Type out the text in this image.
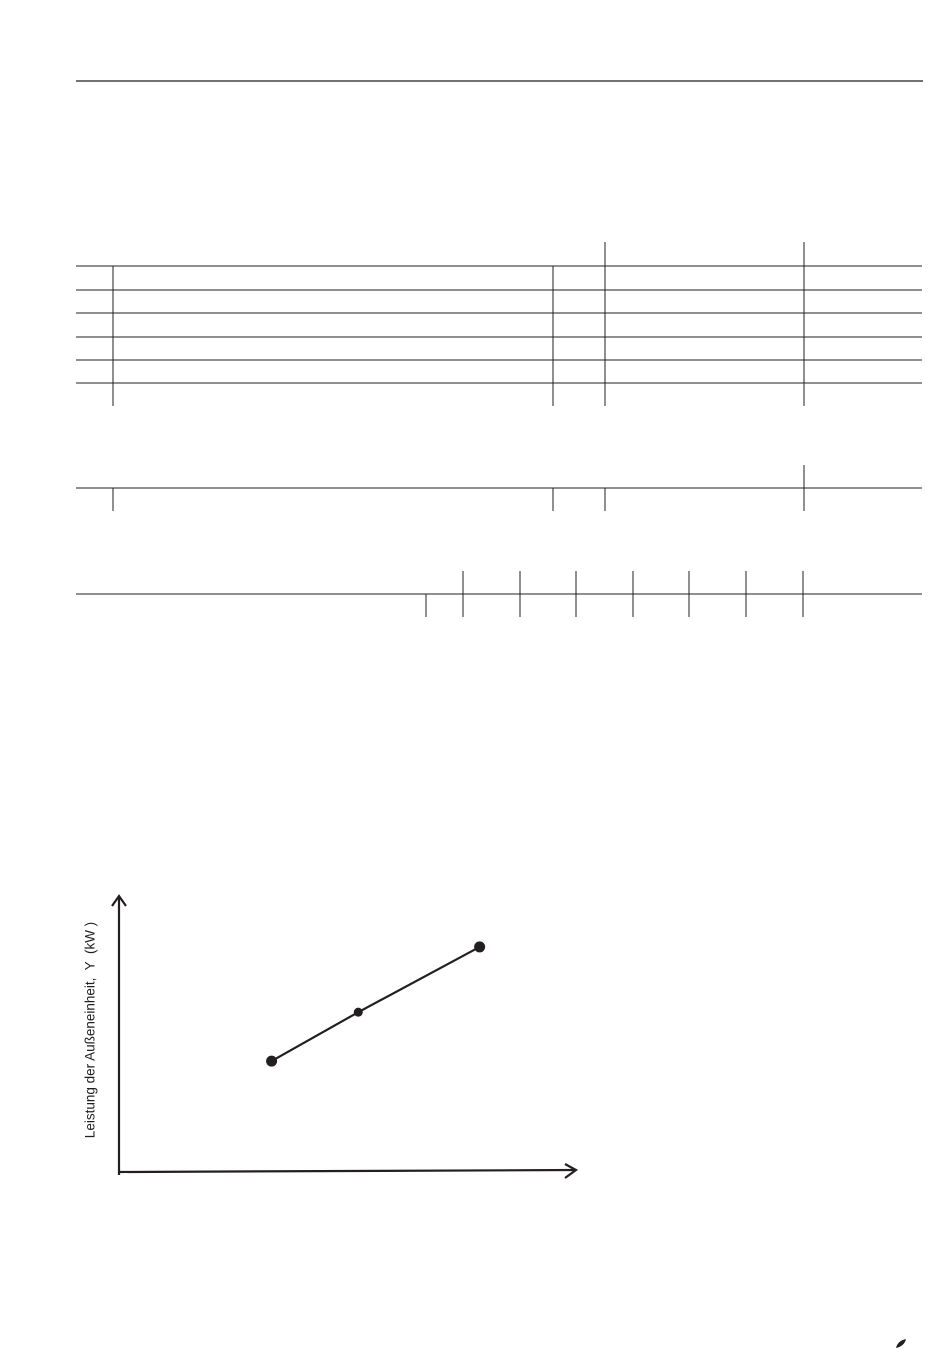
Leistung der Außeneinheit,  Y  (kW )
